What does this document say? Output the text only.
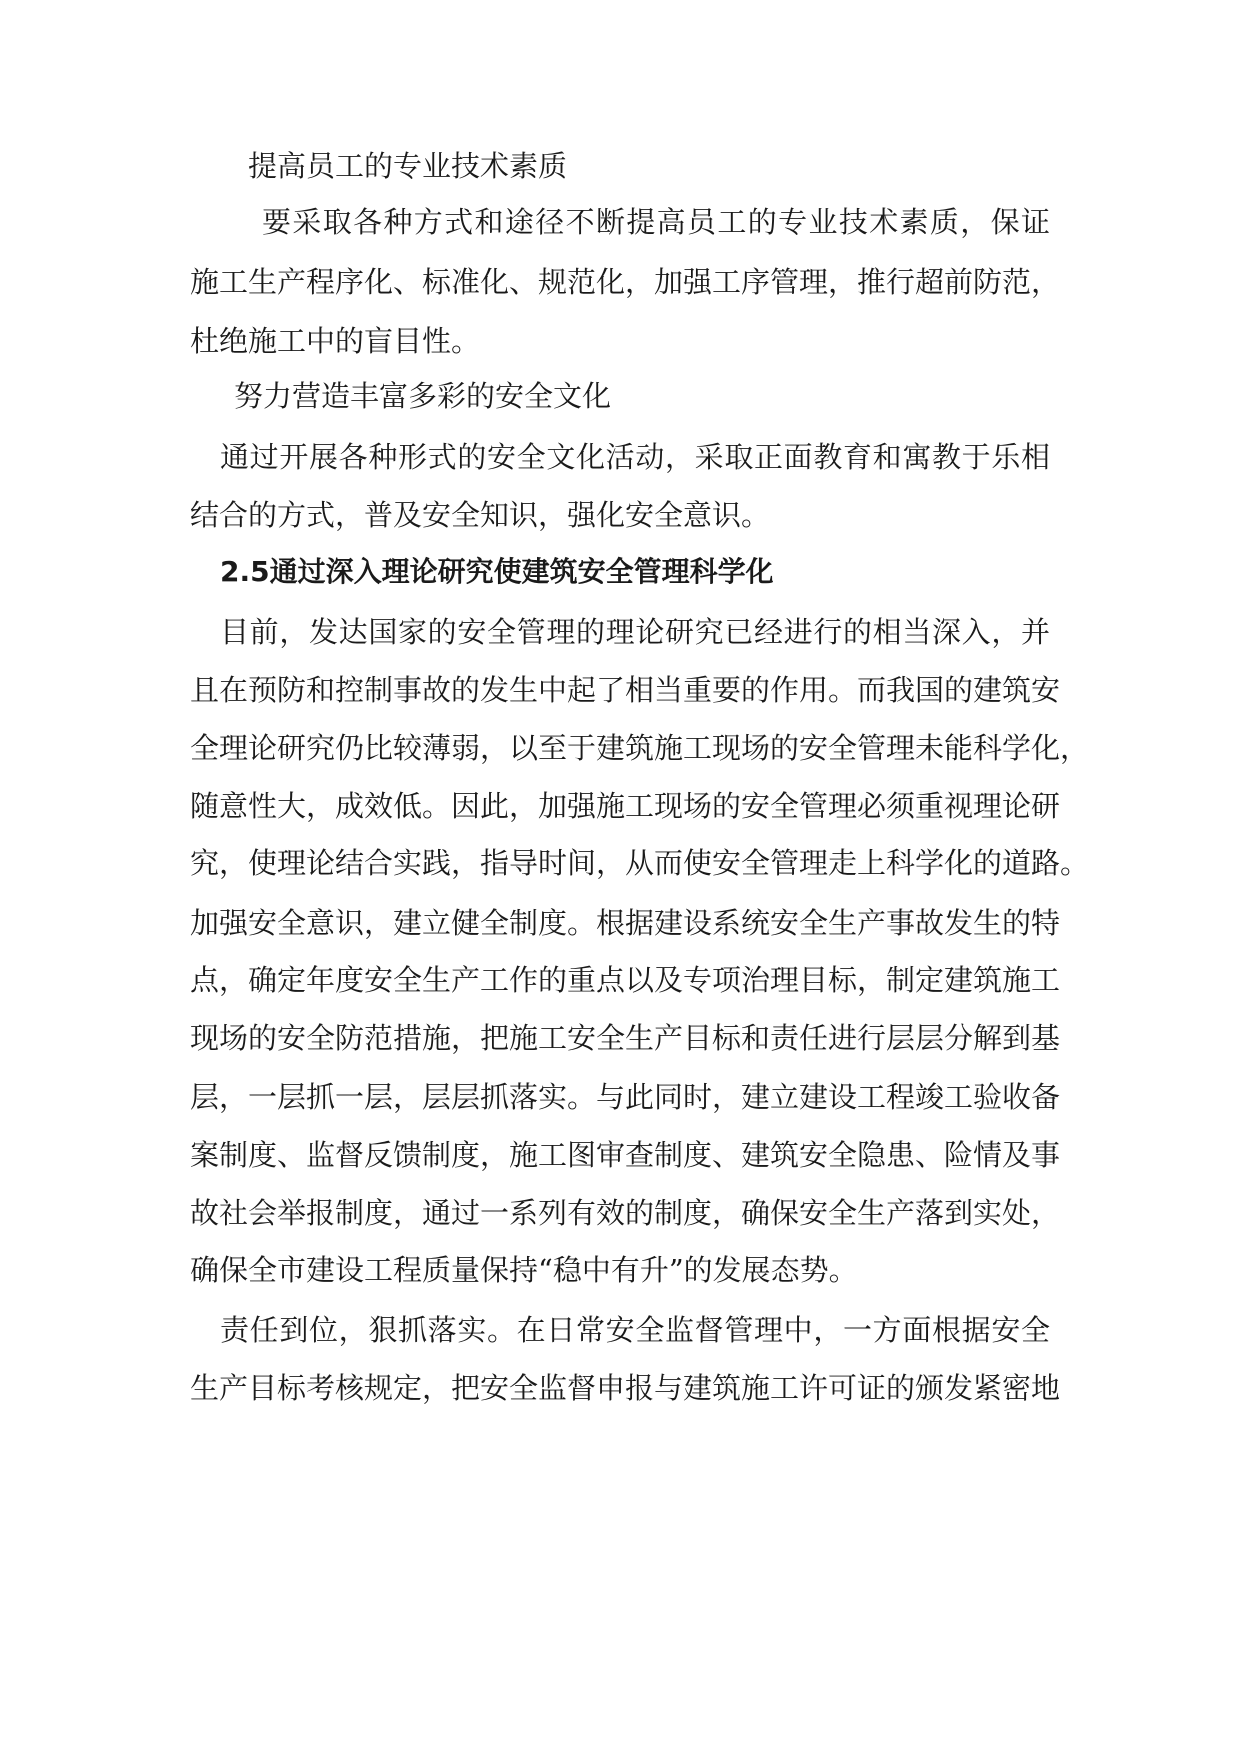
提高员工的专业技术素质

要采取各种方式和途径不断提高员工的专业技术素质，保证

施工生产程序化、标准化、规范化，加强工序管理，推行超前防范，

杜绝施工中的盲目性。

努力营造丰富多彩的安全文化

通过开展各种形式的安全文化活动，采取正面教育和寓教于乐相

结合的方式，普及安全知识，强化安全意识。

2.5通过深入理论研究使建筑安全管理科学化

目前，发达国家的安全管理的理论研究已经进行的相当深入，并

且在预防和控制事故的发生中起了相当重要的作用。而我国的建筑安

全理论研究仍比较薄弱，以至于建筑施工现场的安全管理未能科学化，

随意性大，成效低。因此，加强施工现场的安全管理必须重视理论研

究，使理论结合实践，指导时间，从而使安全管理走上科学化的道路。

加强安全意识，建立健全制度。根据建设系统安全生产事故发生的特

点，确定年度安全生产工作的重点以及专项治理目标，制定建筑施工

现场的安全防范措施，把施工安全生产目标和责任进行层层分解到基

层，一层抓一层，层层抓落实。与此同时，建立建设工程竣工验收备

案制度、监督反馈制度，施工图审查制度、建筑安全隐患、险情及事

故社会举报制度，通过一系列有效的制度，确保安全生产落到实处，

确保全市建设工程质量保持“稳中有升”的发展态势。

责任到位，狠抓落实。在日常安全监督管理中，一方面根据安全

生产目标考核规定，把安全监督申报与建筑施工许可证的颁发紧密地
